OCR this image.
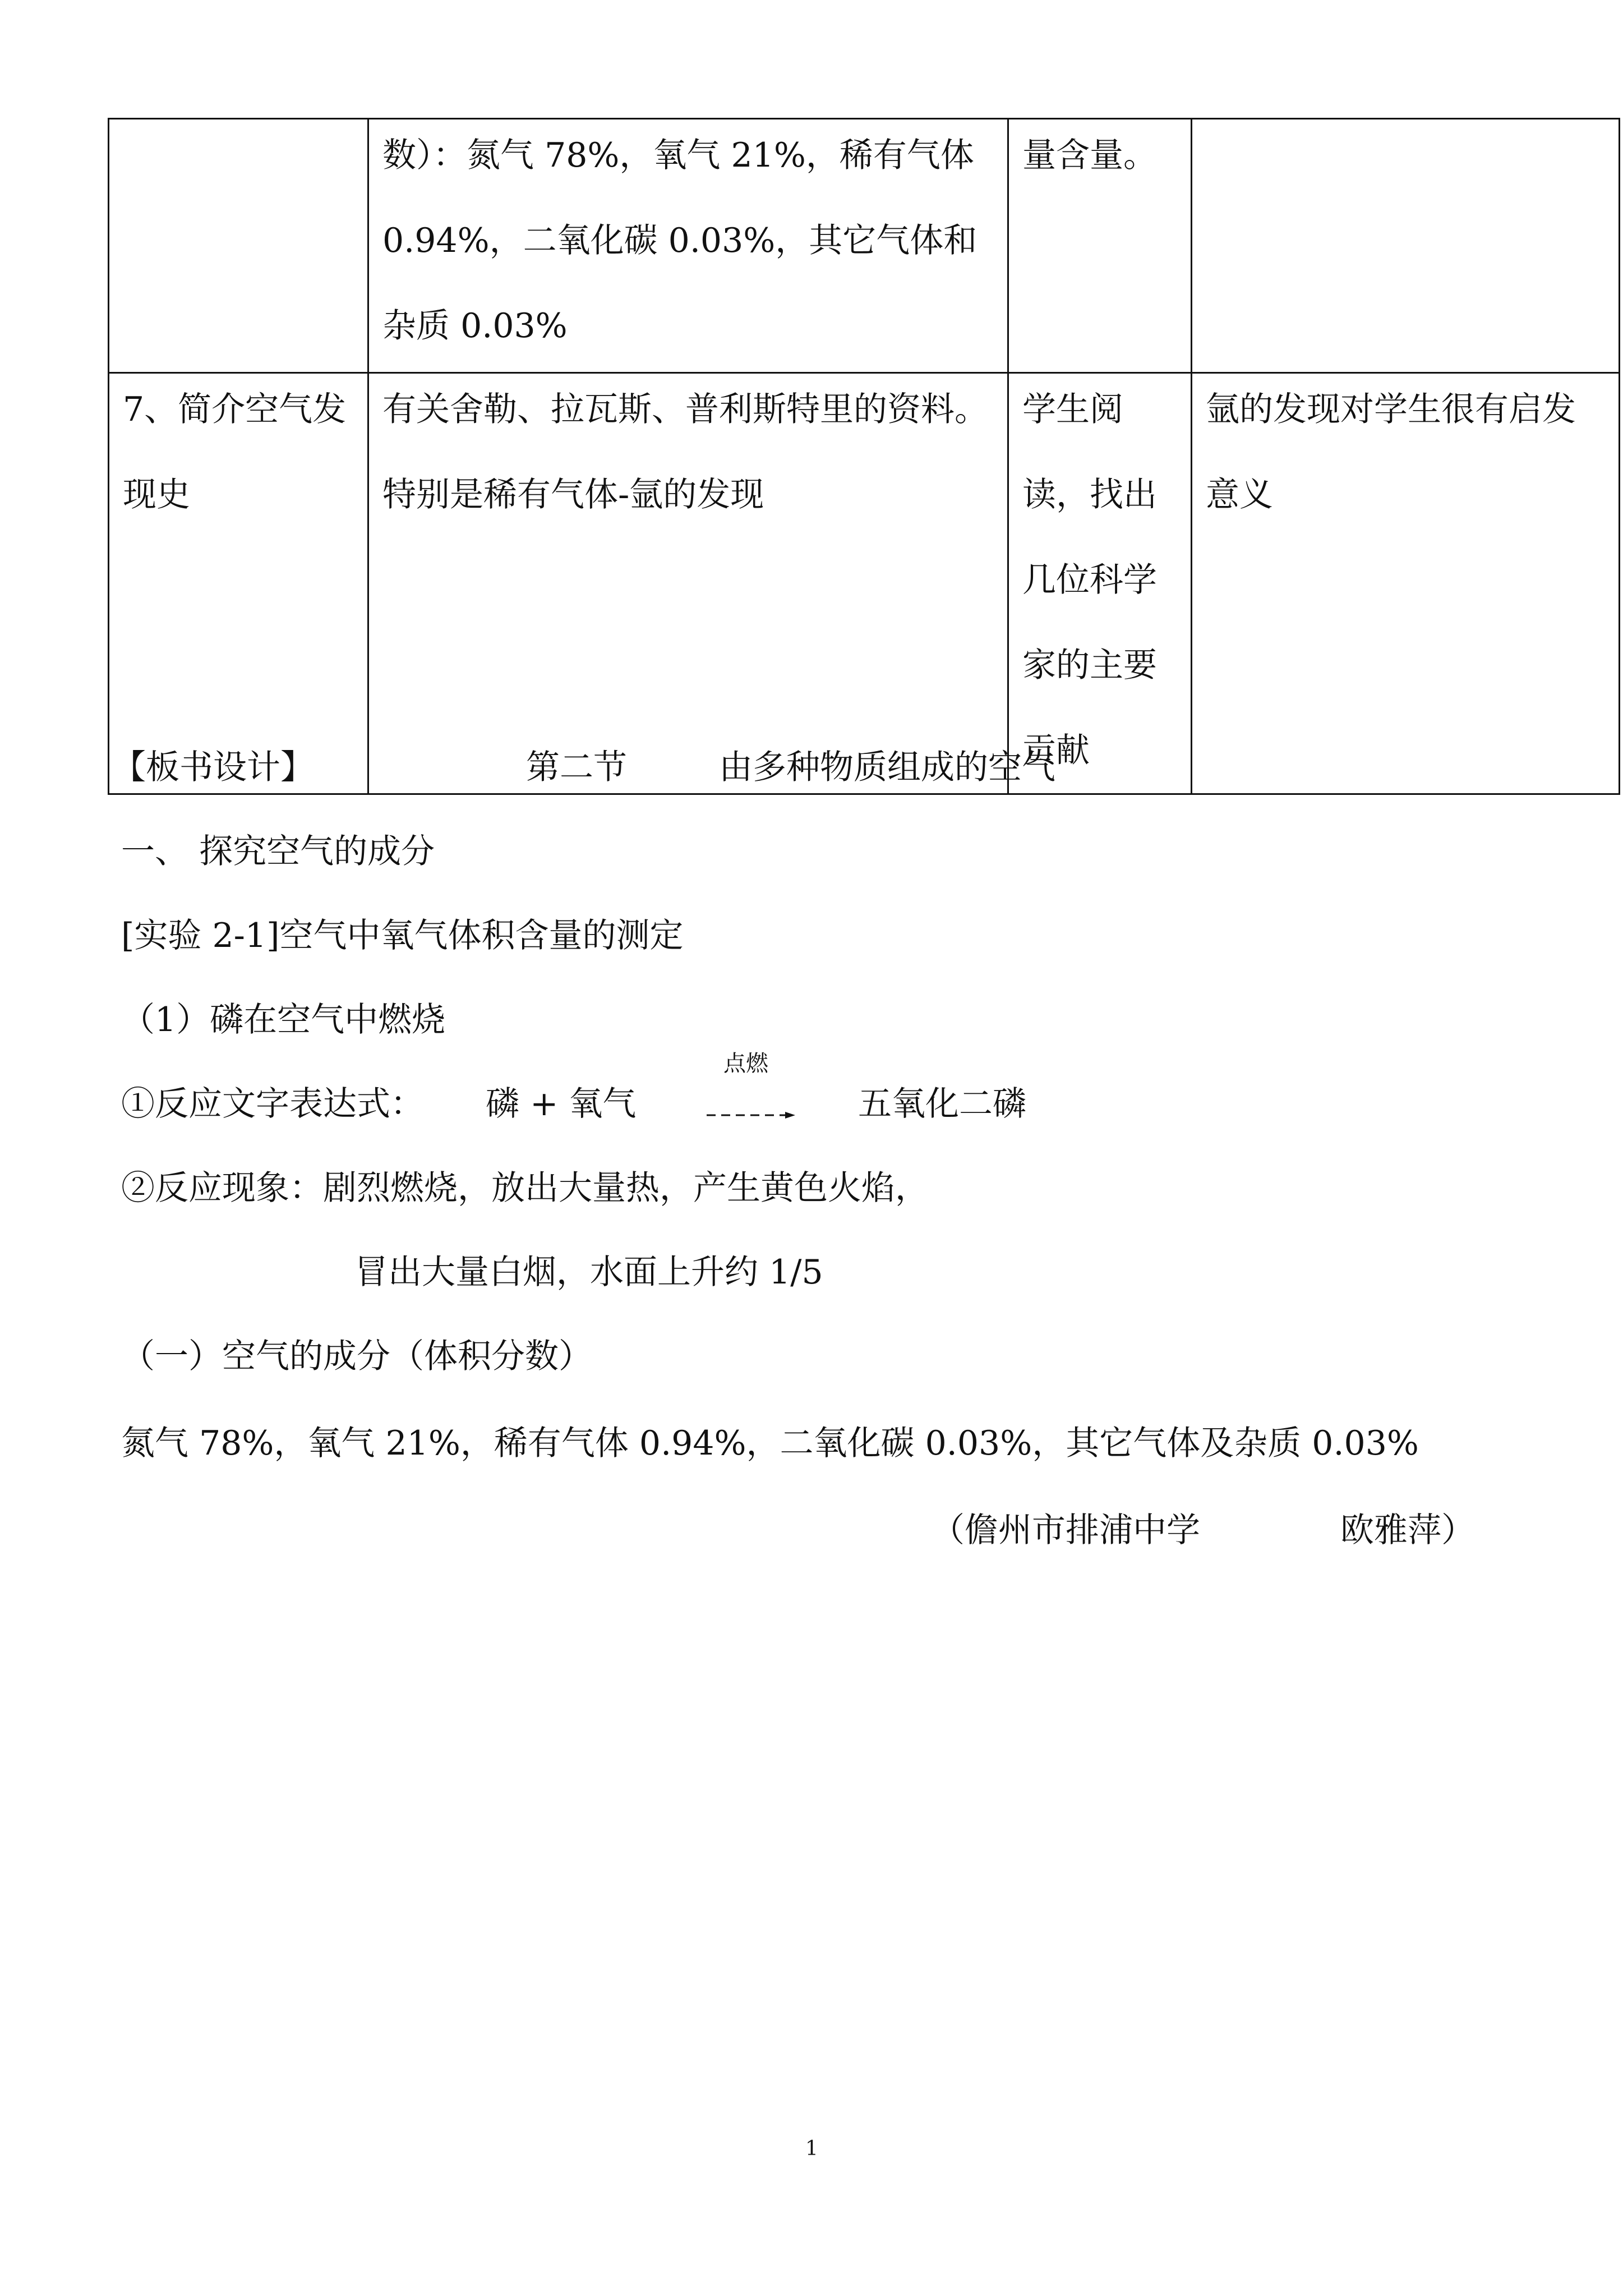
	数）：氮气 78%，氧气 21%，稀有气体 0.94%，二氧化碳 0.03%，其它气体和杂质 0.03%	量含量。	

7、简介空气发现史	有关舍勒、拉瓦斯、普利斯特里的资料。特别是稀有气体-氩的发现	学生阅读，找出几位科学家的主要贡献	氩的发现对学生很有启发意义
【板书设计】	第二节	由多种物质组成的空气
一、 探究空气的成分
[实验 2-1]空气中氧气体积含量的测定
（1）磷在空气中燃烧
①反应文字表达式： 磷 + 氧气
点燃
五氧化二磷
②反应现象：剧烈燃烧，放出大量热，产生黄色火焰，
冒出大量白烟，水面上升约 1/5
（一）空气的成分（体积分数）
氮气 78%，氧气 21%，稀有气体 0.94%，二氧化碳 0.03%，其它气体及杂质 0.03%
（儋州市排浦中学	欧雅萍）
1
